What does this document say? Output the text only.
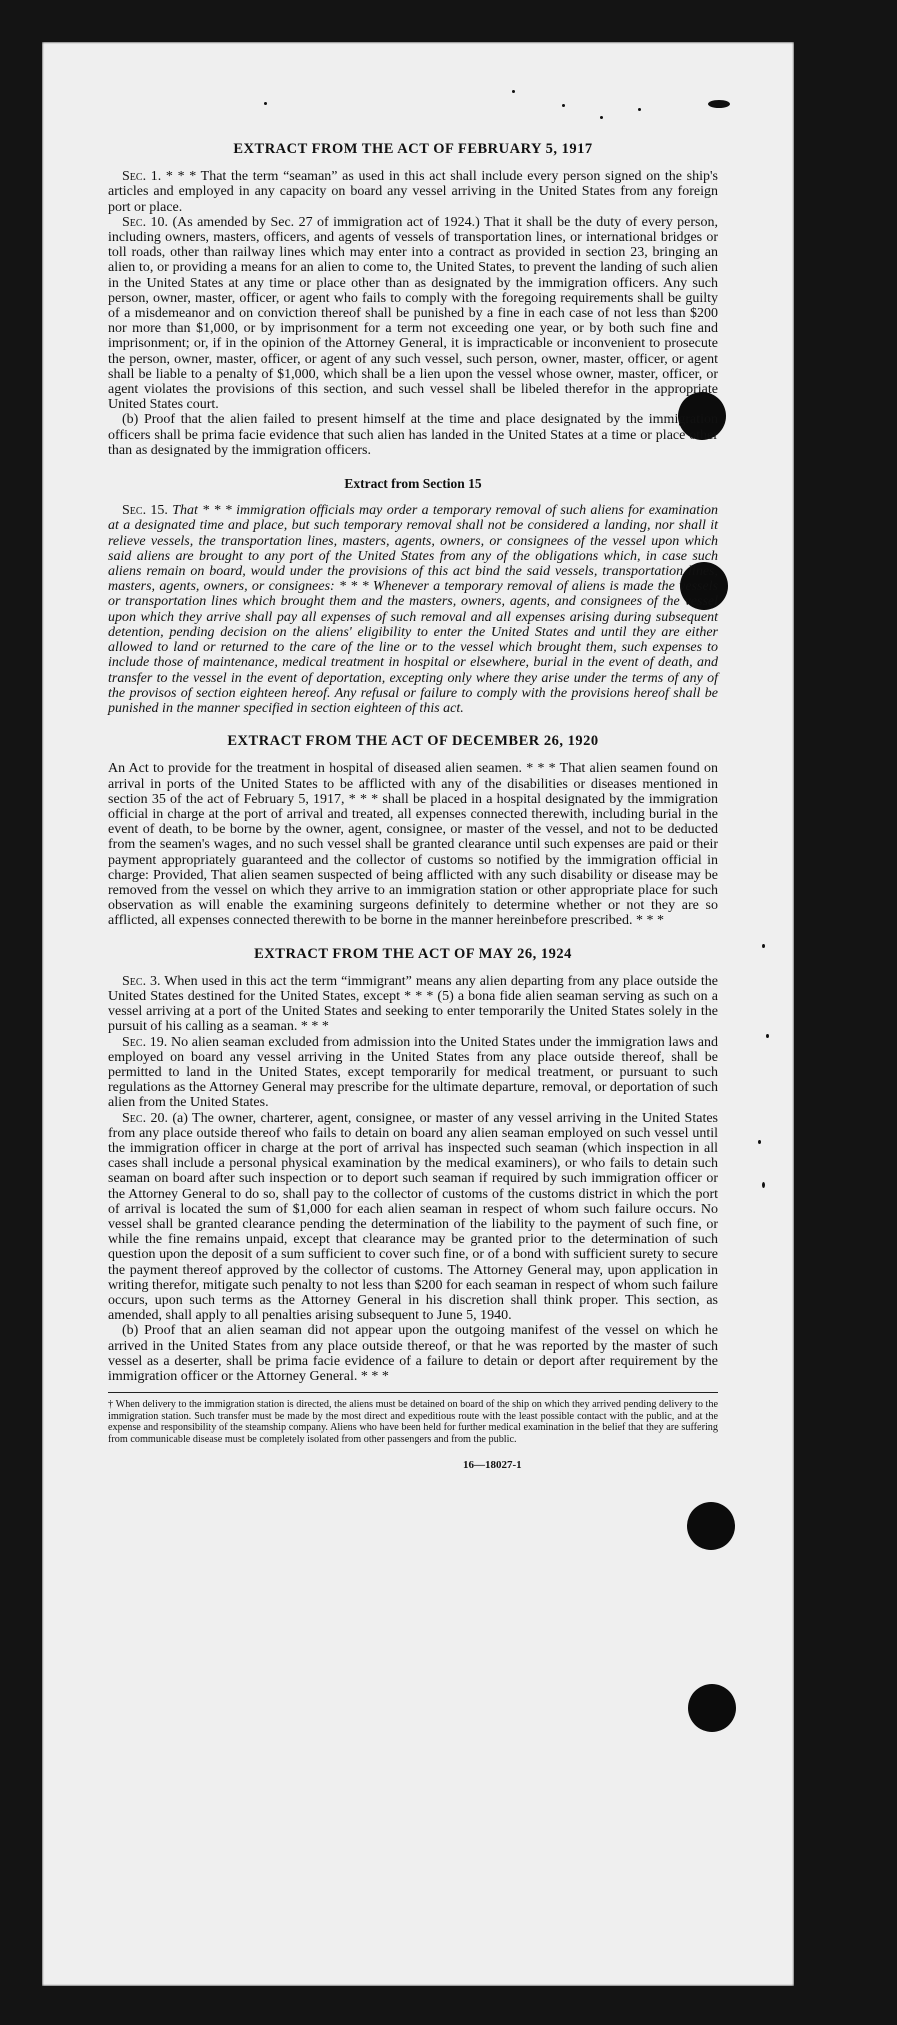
EXTRACT FROM THE ACT OF FEBRUARY 5, 1917

Sec. 1. * * * That the term “seaman” as used in this act shall include every person signed on the ship's articles and employed in any capacity on board any vessel arriving in the United States from any foreign port or place.

Sec. 10. (As amended by Sec. 27 of immigration act of 1924.) That it shall be the duty of every person, including owners, masters, officers, and agents of vessels of transportation lines, or international bridges or toll roads, other than railway lines which may enter into a contract as provided in section 23, bringing an alien to, or providing a means for an alien to come to, the United States, to prevent the landing of such alien in the United States at any time or place other than as designated by the immigration officers. Any such person, owner, master, officer, or agent who fails to comply with the foregoing requirements shall be guilty of a misdemeanor and on conviction thereof shall be punished by a fine in each case of not less than $200 nor more than $1,000, or by imprisonment for a term not exceeding one year, or by both such fine and imprisonment; or, if in the opinion of the Attorney General, it is impracticable or inconvenient to prosecute the person, owner, master, officer, or agent of any such vessel, such person, owner, master, officer, or agent shall be liable to a penalty of $1,000, which shall be a lien upon the vessel whose owner, master, officer, or agent violates the provisions of this section, and such vessel shall be libeled therefor in the appropriate United States court.

(b) Proof that the alien failed to present himself at the time and place designated by the immigration officers shall be prima facie evidence that such alien has landed in the United States at a time or place other than as designated by the immigration officers.

Extract from Section 15

Sec. 15. That * * * immigration officials may order a temporary removal of such aliens for examination at a designated time and place, but such temporary removal shall not be considered a landing, nor shall it relieve vessels, the transportation lines, masters, agents, owners, or consignees of the vessel upon which said aliens are brought to any port of the United States from any of the obligations which, in case such aliens remain on board, would under the provisions of this act bind the said vessels, transportation lines, masters, agents, owners, or consignees: * * * Whenever a temporary removal of aliens is made the vessels or transportation lines which brought them and the masters, owners, agents, and consignees of the vessel upon which they arrive shall pay all expenses of such removal and all expenses arising during subsequent detention, pending decision on the aliens' eligibility to enter the United States and until they are either allowed to land or returned to the care of the line or to the vessel which brought them, such expenses to include those of maintenance, medical treatment in hospital or elsewhere, burial in the event of death, and transfer to the vessel in the event of deportation, excepting only where they arise under the terms of any of the provisos of section eighteen hereof. Any refusal or failure to comply with the provisions hereof shall be punished in the manner specified in section eighteen of this act.

EXTRACT FROM THE ACT OF DECEMBER 26, 1920

An Act to provide for the treatment in hospital of diseased alien seamen. * * * That alien seamen found on arrival in ports of the United States to be afflicted with any of the disabilities or diseases mentioned in section 35 of the act of February 5, 1917, * * * shall be placed in a hospital designated by the immigration official in charge at the port of arrival and treated, all expenses connected therewith, including burial in the event of death, to be borne by the owner, agent, consignee, or master of the vessel, and not to be deducted from the seamen's wages, and no such vessel shall be granted clearance until such expenses are paid or their payment appropriately guaranteed and the collector of customs so notified by the immigration official in charge: Provided, That alien seamen suspected of being afflicted with any such disability or disease may be removed from the vessel on which they arrive to an immigration station or other appropriate place for such observation as will enable the examining surgeons definitely to determine whether or not they are so afflicted, all expenses connected therewith to be borne in the manner hereinbefore prescribed. * * *

EXTRACT FROM THE ACT OF MAY 26, 1924

Sec. 3. When used in this act the term “immigrant” means any alien departing from any place outside the United States destined for the United States, except * * * (5) a bona fide alien seaman serving as such on a vessel arriving at a port of the United States and seeking to enter temporarily the United States solely in the pursuit of his calling as a seaman. * * *

Sec. 19. No alien seaman excluded from admission into the United States under the immigration laws and employed on board any vessel arriving in the United States from any place outside thereof, shall be permitted to land in the United States, except temporarily for medical treatment, or pursuant to such regulations as the Attorney General may prescribe for the ultimate departure, removal, or deportation of such alien from the United States.

Sec. 20. (a) The owner, charterer, agent, consignee, or master of any vessel arriving in the United States from any place outside thereof who fails to detain on board any alien seaman employed on such vessel until the immigration officer in charge at the port of arrival has inspected such seaman (which inspection in all cases shall include a personal physical examination by the medical examiners), or who fails to detain such seaman on board after such inspection or to deport such seaman if required by such immigration officer or the Attorney General to do so, shall pay to the collector of customs of the customs district in which the port of arrival is located the sum of $1,000 for each alien seaman in respect of whom such failure occurs. No vessel shall be granted clearance pending the determination of the liability to the payment of such fine, or while the fine remains unpaid, except that clearance may be granted prior to the determination of such question upon the deposit of a sum sufficient to cover such fine, or of a bond with sufficient surety to secure the payment thereof approved by the collector of customs. The Attorney General may, upon application in writing therefor, mitigate such penalty to not less than $200 for each seaman in respect of whom such failure occurs, upon such terms as the Attorney General in his discretion shall think proper. This section, as amended, shall apply to all penalties arising subsequent to June 5, 1940.

(b) Proof that an alien seaman did not appear upon the outgoing manifest of the vessel on which he arrived in the United States from any place outside thereof, or that he was reported by the master of such vessel as a deserter, shall be prima facie evidence of a failure to detain or deport after requirement by the immigration officer or the Attorney General. * * *

† When delivery to the immigration station is directed, the aliens must be detained on board of the ship on which they arrived pending delivery to the immigration station. Such transfer must be made by the most direct and expeditious route with the least possible contact with the public, and at the expense and responsibility of the steamship company. Aliens who have been held for further medical examination in the belief that they are suffering from communicable disease must be completely isolated from other passengers and from the public.
16—18027-1
